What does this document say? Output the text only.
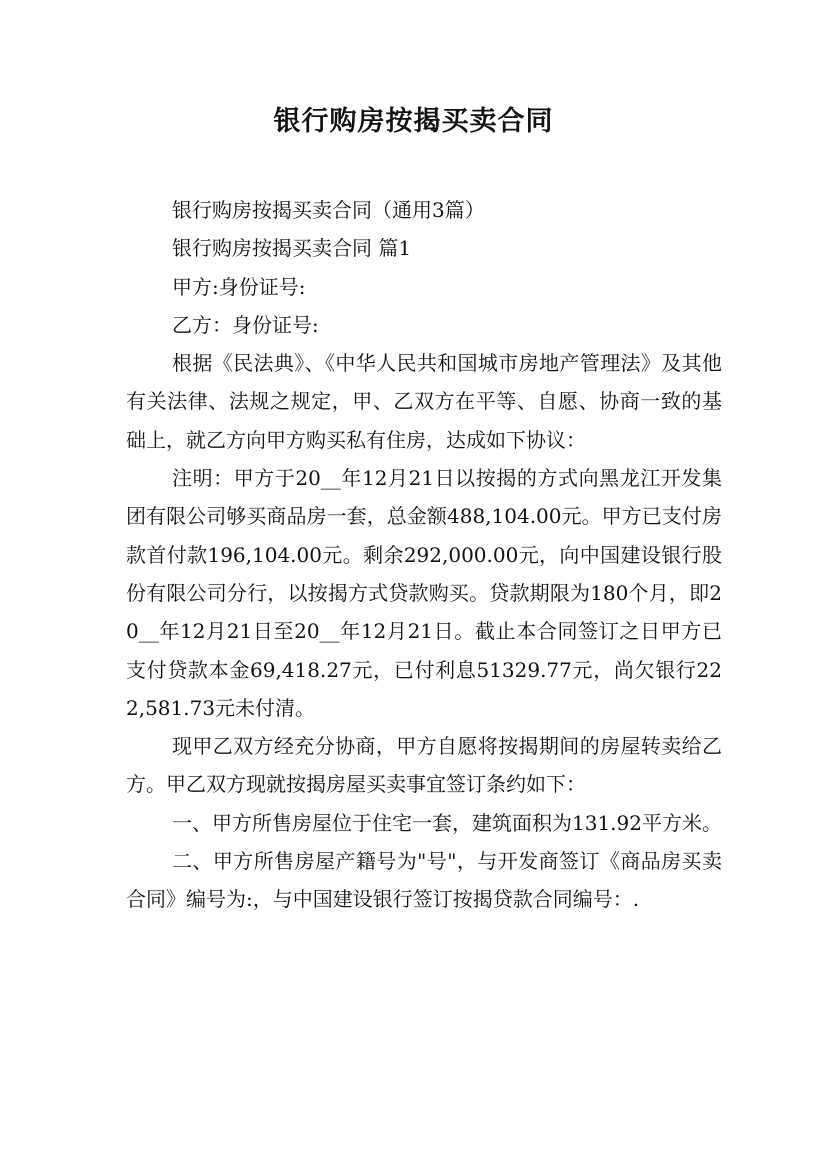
银行购房按揭买卖合同

银行购房按揭买卖合同（通用3篇）

银行购房按揭买卖合同 篇1

甲方:身份证号:

乙方：身份证号:

根据《民法典》、《中华人民共和国城市房地产管理法》及其他有关法律、法规之规定，甲、乙双方在平等、自愿、协商一致的基础上，就乙方向甲方购买私有住房，达成如下协议：

注明：甲方于20__年12月21日以按揭的方式向黑龙江开发集团有限公司够买商品房一套，总金额488,104.00元。甲方已支付房款首付款196,104.00元。剩余292,000.00元，向中国建设银行股份有限公司分行，以按揭方式贷款购买。贷款期限为180个月，即20__年12月21日至20__年12月21日。截止本合同签订之日甲方已支付贷款本金69,418.27元，已付利息51329.77元，尚欠银行222,581.73元未付清。

现甲乙双方经充分协商，甲方自愿将按揭期间的房屋转卖给乙方。甲乙双方现就按揭房屋买卖事宜签订条约如下：

一、甲方所售房屋位于住宅一套，建筑面积为131.92平方米。

二、甲方所售房屋产籍号为"号"，与开发商签订《商品房买卖合同》编号为:，与中国建设银行签订按揭贷款合同编号：.
